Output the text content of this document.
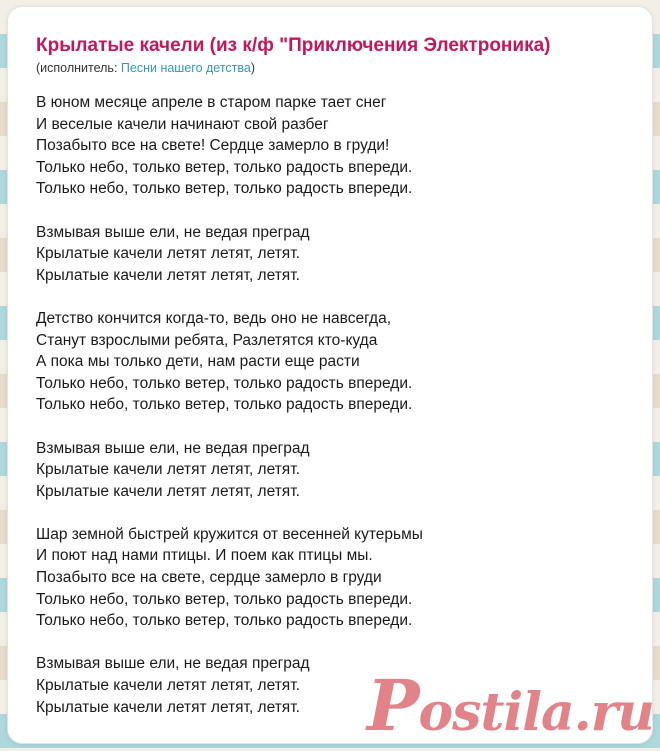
Крылатые качели (из к/ф "Приключения Электроника)
(исполнитель: Песни нашего детства)
В юном месяце апреле в старом парке тает снег
И веселые качели начинают свой разбег
Позабыто все на свете! Сердце замерло в груди!
Только небо, только ветер, только радость впереди.
Только небо, только ветер, только радость впереди.
Взмывая выше ели, не ведая преград
Крылатые качели летят летят, летят.
Крылатые качели летят летят, летят.
Детство кончится когда-то, ведь оно не навсегда,
Станут взрослыми ребята, Разлетятся кто-куда
А пока мы только дети, нам расти еще расти
Только небо, только ветер, только радость впереди.
Только небо, только ветер, только радость впереди.
Взмывая выше ели, не ведая преград
Крылатые качели летят летят, летят.
Крылатые качели летят летят, летят.
Шар земной быстрей кружится от весенней кутерьмы
И поют над нами птицы. И поем как птицы мы.
Позабыто все на свете, сердце замерло в груди
Только небо, только ветер, только радость впереди.
Только небо, только ветер, только радость впереди.
Взмывая выше ели, не ведая преград
Крылатые качели летят летят, летят.
Крылатые качели летят летят, летят. Postila.ru
